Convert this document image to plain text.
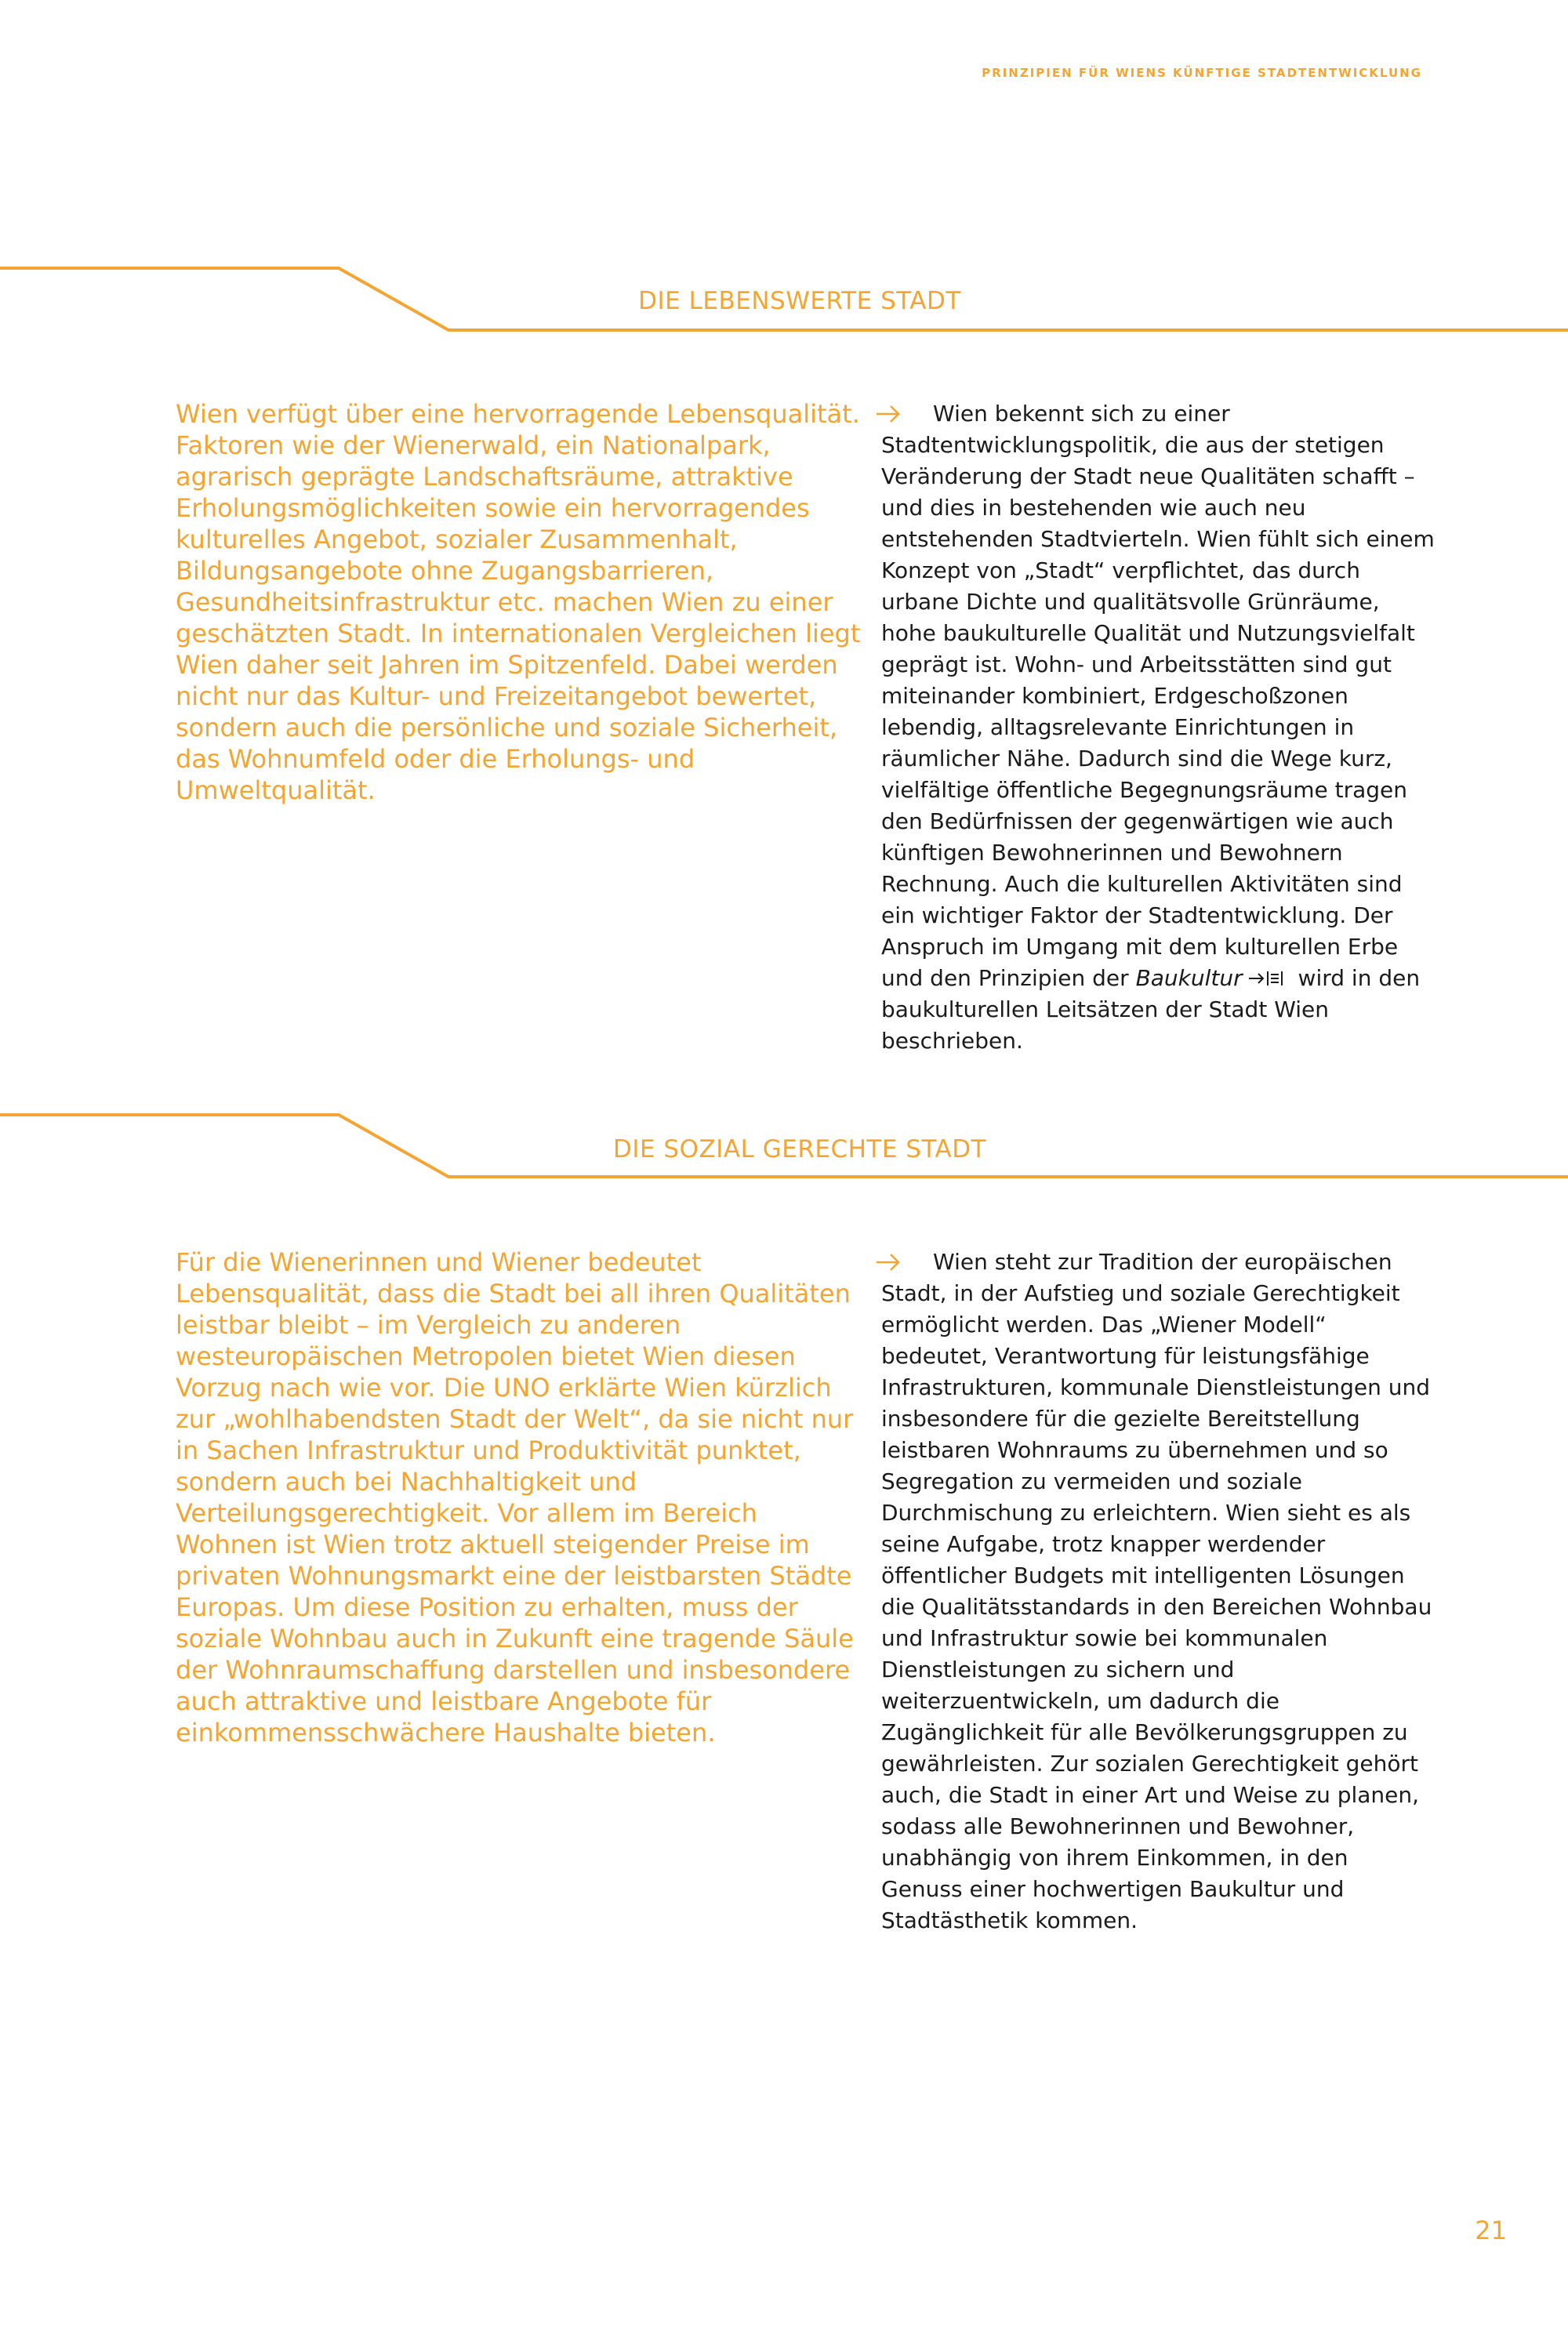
PRINZIPIEN FÜR WIENS KÜNFTIGE STADTENTWICKLUNG
DIE LEBENSWERTE STADT

Wien verfügt über eine hervorragende Lebensqualität. Faktoren wie der Wienerwald, ein Nationalpark, agrarisch geprägte Landschaftsräume, attraktive Erholungsmöglichkeiten sowie ein hervorragendes kulturelles Angebot, sozialer Zusammenhalt, Bildungsangebote ohne Zugangsbarrieren, Gesundheitsinfrastruktur etc. machen Wien zu einer geschätzten Stadt. In internationalen Vergleichen liegt Wien daher seit Jahren im Spitzenfeld. Dabei werden nicht nur das Kultur- und Freizeitangebot bewertet, sondern auch die persönliche und soziale Sicherheit, das Wohnumfeld oder die Erholungs- und Umweltqualität.

Wien bekennt sich zu einer Stadtentwicklungspolitik, die aus der stetigen Veränderung der Stadt neue Qualitäten schafft – und dies in bestehenden wie auch neu entstehenden Stadtvierteln. Wien fühlt sich einem Konzept von „Stadt“ verpflichtet, das durch urbane Dichte und qualitätsvolle Grünräume, hohe baukulturelle Qualität und Nutzungsvielfalt geprägt ist. Wohn- und Arbeitsstätten sind gut miteinander kombiniert, Erdgeschoßzonen lebendig, alltagsrelevante Einrichtungen in räumlicher Nähe. Dadurch sind die Wege kurz, vielfältige öffentliche Begegnungsräume tragen den Bedürfnissen der gegenwärtigen wie auch künftigen Bewohnerinnen und Bewohnern Rechnung. Auch die kulturellen Aktivitäten sind ein wichtiger Faktor der Stadtentwicklung. Der Anspruch im Umgang mit dem kulturellen Erbe und den Prinzipien der Baukultur wird in den baukulturellen Leitsätzen der Stadt Wien beschrieben.

DIE SOZIAL GERECHTE STADT

Für die Wienerinnen und Wiener bedeutet Lebensqualität, dass die Stadt bei all ihren Qualitäten leistbar bleibt – im Vergleich zu anderen westeuropäischen Metropolen bietet Wien diesen Vorzug nach wie vor. Die UNO erklärte Wien kürzlich zur „wohlhabendsten Stadt der Welt“, da sie nicht nur in Sachen Infrastruktur und Produktivität punktet, sondern auch bei Nachhaltigkeit und Verteilungsgerechtigkeit. Vor allem im Bereich Wohnen ist Wien trotz aktuell steigender Preise im privaten Wohnungsmarkt eine der leistbarsten Städte Europas. Um diese Position zu erhalten, muss der soziale Wohnbau auch in Zukunft eine tragende Säule der Wohnraumschaffung darstellen und insbesondere auch attraktive und leistbare Angebote für einkommensschwächere Haushalte bieten.

Wien steht zur Tradition der europäischen Stadt, in der Aufstieg und soziale Gerechtigkeit ermöglicht werden. Das „Wiener Modell“ bedeutet, Verantwortung für leistungsfähige Infrastrukturen, kommunale Dienstleistungen und insbesondere für die gezielte Bereitstellung leistbaren Wohnraums zu übernehmen und so Segregation zu vermeiden und soziale Durchmischung zu erleichtern. Wien sieht es als seine Aufgabe, trotz knapper werdender öffentlicher Budgets mit intelligenten Lösungen die Qualitätsstandards in den Bereichen Wohnbau und Infrastruktur sowie bei kommunalen Dienstleistungen zu sichern und weiterzuentwickeln, um dadurch die Zugänglichkeit für alle Bevölkerungsgruppen zu gewährleisten. Zur sozialen Gerechtigkeit gehört auch, die Stadt in einer Art und Weise zu planen, sodass alle Bewohnerinnen und Bewohner, unabhängig von ihrem Einkommen, in den Genuss einer hochwertigen Baukultur und Stadtästhetik kommen.

21
